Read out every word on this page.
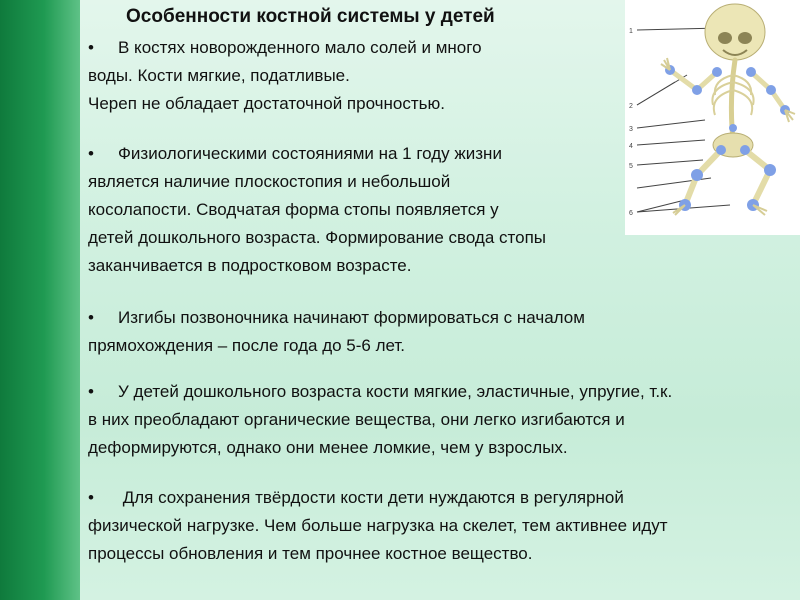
Особенности костной системы у детей
• В костях новорожденного мало солей и много
воды. Кости мягкие, податливые.
Череп не обладает достаточной прочностью.
• Физиологическими состояниями на 1 году жизни
является наличие плоскостопия и небольшой
косолапости. Сводчатая форма стопы появляется у
детей дошкольного возраста. Формирование свода стопы
заканчивается в подростковом возрасте.
• Изгибы позвоночника начинают формироваться с началом
прямохождения – после года до 5-6 лет.
• У детей дошкольного возраста кости мягкие, эластичные, упругие, т.к.
в них преобладают органические вещества, они легко изгибаются и
деформируются, однако они менее ломкие, чем у взрослых.
• Для сохранения твёрдости кости дети нуждаются в регулярной
физической нагрузке. Чем больше нагрузка на скелет, тем активнее идут
процессы обновления и тем прочнее костное вещество.
1
2
3
4
5
6
